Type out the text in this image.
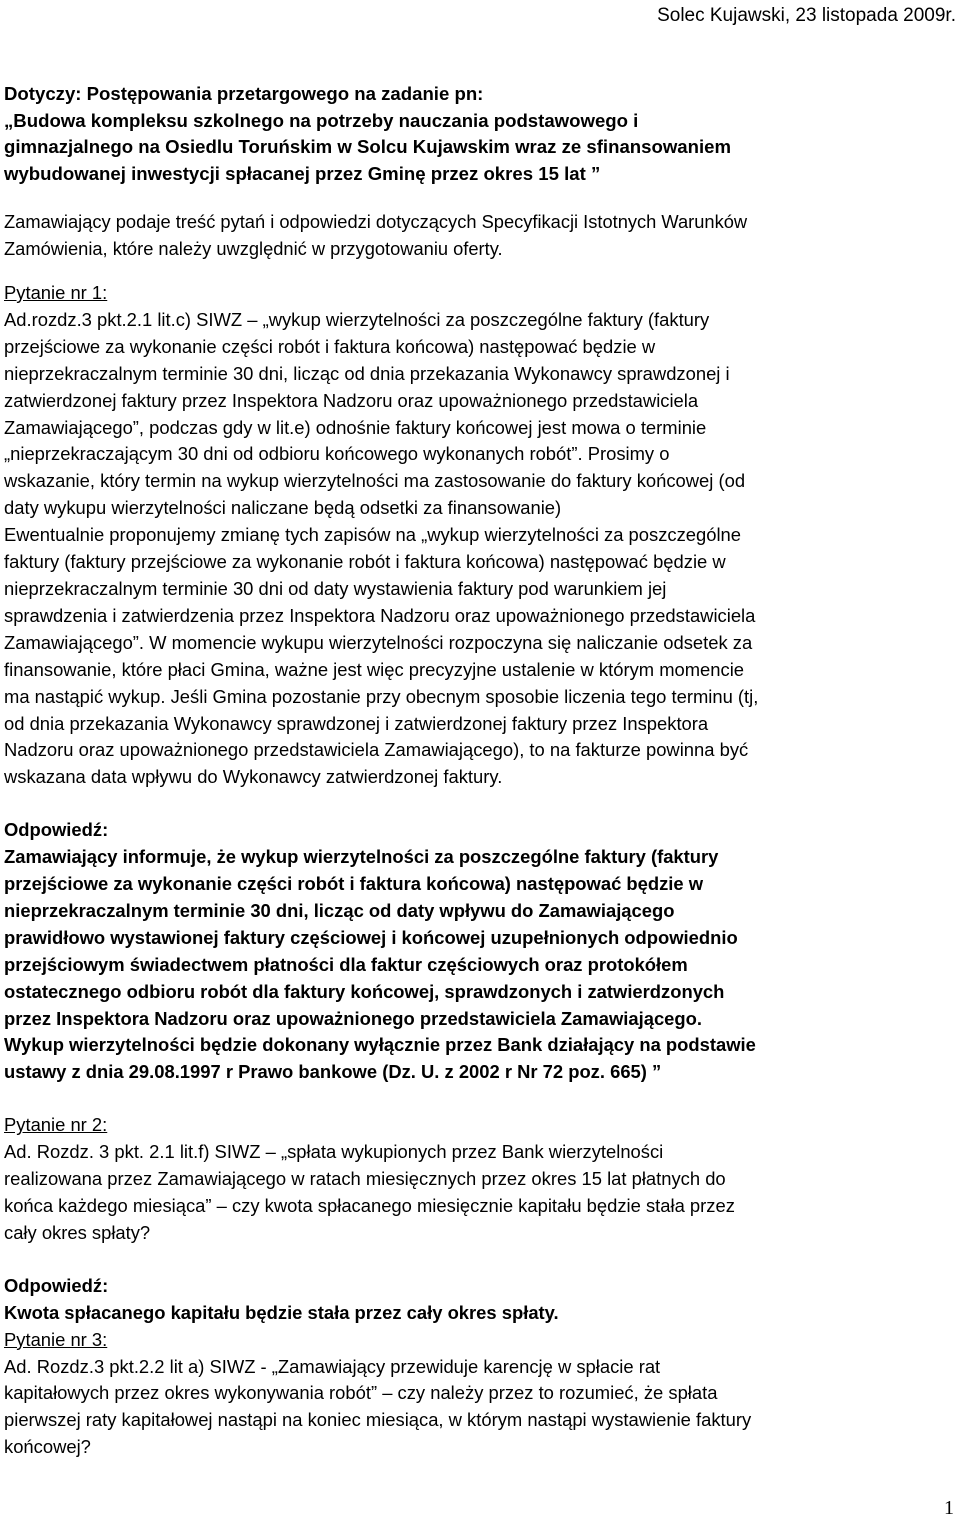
Solec Kujawski, 23 listopada 2009r.
Dotyczy: Postępowania przetargowego na zadanie pn:
„Budowa kompleksu szkolnego na potrzeby nauczania podstawowego i
gimnazjalnego na Osiedlu Toruńskim w Solcu Kujawskim wraz ze sfinansowaniem
wybudowanej inwestycji spłacanej przez Gminę przez okres 15 lat ”
Zamawiający podaje treść pytań i odpowiedzi dotyczących Specyfikacji Istotnych Warunków
Zamówienia, które należy uwzględnić w przygotowaniu oferty.
Pytanie nr 1:
Ad.rozdz.3 pkt.2.1 lit.c) SIWZ – „wykup wierzytelności za poszczególne faktury (faktury
przejściowe za wykonanie części robót i faktura końcowa) następować będzie w
nieprzekraczalnym terminie 30 dni, licząc od dnia przekazania Wykonawcy sprawdzonej i
zatwierdzonej faktury przez Inspektora Nadzoru oraz upoważnionego przedstawiciela
Zamawiającego”, podczas gdy w lit.e) odnośnie faktury końcowej jest mowa o terminie
„nieprzekraczającym 30 dni od odbioru końcowego wykonanych robót”. Prosimy o
wskazanie, który termin na wykup wierzytelności ma zastosowanie do faktury końcowej (od
daty wykupu wierzytelności naliczane będą odsetki za finansowanie)
Ewentualnie proponujemy zmianę tych zapisów na „wykup wierzytelności za poszczególne
faktury (faktury przejściowe za wykonanie robót i faktura końcowa) następować będzie w
nieprzekraczalnym terminie 30 dni od daty wystawienia faktury pod warunkiem jej
sprawdzenia i zatwierdzenia przez Inspektora Nadzoru oraz upoważnionego przedstawiciela
Zamawiającego”. W momencie wykupu wierzytelności rozpoczyna się naliczanie odsetek za
finansowanie, które płaci Gmina, ważne jest więc precyzyjne ustalenie w którym momencie
ma nastąpić wykup. Jeśli Gmina pozostanie przy obecnym sposobie liczenia tego terminu (tj,
od dnia przekazania Wykonawcy sprawdzonej i zatwierdzonej faktury przez Inspektora
Nadzoru oraz upoważnionego przedstawiciela Zamawiającego), to na fakturze powinna być
wskazana data wpływu do Wykonawcy zatwierdzonej faktury.
Odpowiedź:
Zamawiający informuje, że wykup wierzytelności za poszczególne faktury (faktury
przejściowe za wykonanie części robót i faktura końcowa) następować będzie w
nieprzekraczalnym terminie 30 dni, licząc od daty wpływu do Zamawiającego
prawidłowo wystawionej faktury częściowej i końcowej uzupełnionych odpowiednio
przejściowym świadectwem płatności dla faktur częściowych oraz protokółem
ostatecznego odbioru robót dla faktury końcowej, sprawdzonych i zatwierdzonych
przez Inspektora Nadzoru oraz upoważnionego przedstawiciela Zamawiającego.
Wykup wierzytelności będzie dokonany wyłącznie przez Bank działający na podstawie
ustawy z dnia 29.08.1997 r Prawo bankowe (Dz. U. z 2002 r Nr 72 poz. 665) ”
Pytanie nr 2:
Ad. Rozdz. 3 pkt. 2.1 lit.f) SIWZ – „spłata wykupionych przez Bank wierzytelności
realizowana przez Zamawiającego w ratach miesięcznych przez okres 15 lat płatnych do
końca każdego miesiąca” – czy kwota spłacanego miesięcznie kapitału będzie stała przez
cały okres spłaty?
Odpowiedź:
Kwota spłacanego kapitału będzie stała przez cały okres spłaty.
Pytanie nr 3:
Ad. Rozdz.3 pkt.2.2 lit a) SIWZ - „Zamawiający przewiduje karencję w spłacie rat
kapitałowych przez okres wykonywania robót” – czy należy przez to rozumieć, że spłata
pierwszej raty kapitałowej nastąpi na koniec miesiąca, w którym nastąpi wystawienie faktury
końcowej?
1
